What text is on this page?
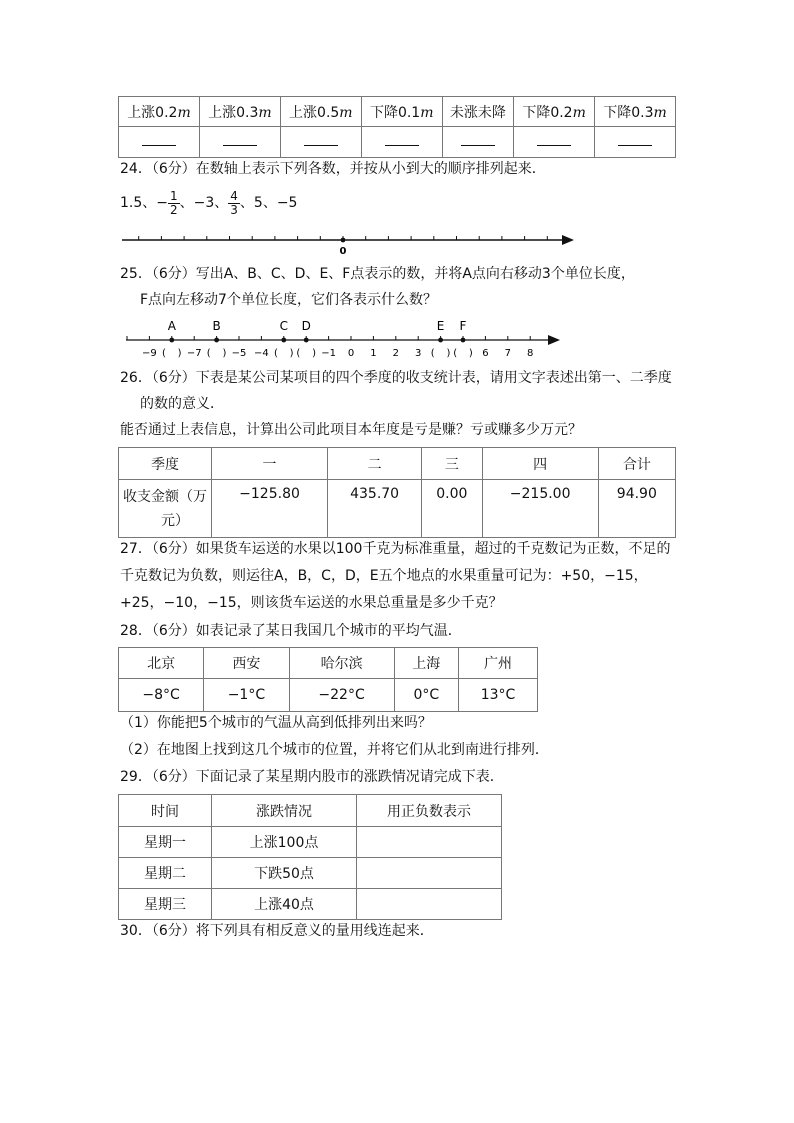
上涨0.2m	上涨0.3m	上涨0.5m	下降0.1m	未涨未降	下降0.2m	下降0.3m

24．（6分）在数轴上表示下列各数，并按从小到大的顺序排列起来．
1.5、− $\frac{1}{2}$ 、−3、 $\frac{4}{3}$ 、5、−5
0
25．（6分）写出A、B、C、D、E、F点表示的数，并将A点向右移动3个单位长度，
F点向左移动7个单位长度，它们各表示什么数？
A	B	C D	E F
−9 ( ) −7 ( ) −5 −4 ( ) ( ) −1 0 1 2 3 ( ) ( ) 6 7 8
26．（6分）下表是某公司某项目的四个季度的收支统计表，请用文字表述出第一、二季度
的数的意义．
能否通过上表信息，计算出公司此项目本年度是亏是赚？亏或赚多少万元？
季度	一	二	三	四	合计

收支金额（万
元）	−125.80	435.70	0.00	−215.00	94.90
27．（6分）如果货车运送的水果以100千克为标准重量，超过的千克数记为正数，不足的
千克数记为负数，则运往A，B，C，D，E五个地点的水果重量可记为：+50，−15，
+25，−10，−15，则该货车运送的水果总重量是多少千克？
28．（6分）如表记录了某日我国几个城市的平均气温．
北京	西安	哈尔滨	上海	广州
−8°C	−1°C	−22°C	0°C	13°C
（1）你能把5个城市的气温从高到低排列出来吗？
（2）在地图上找到这几个城市的位置，并将它们从北到南进行排列．
29．（6分）下面记录了某星期内股市的涨跌情况请完成下表．
时间	涨跌情况	用正负数表示
星期一	上涨100点	
星期二	下跌50点	
星期三	上涨40点	
30．（6分）将下列具有相反意义的量用线连起来．
